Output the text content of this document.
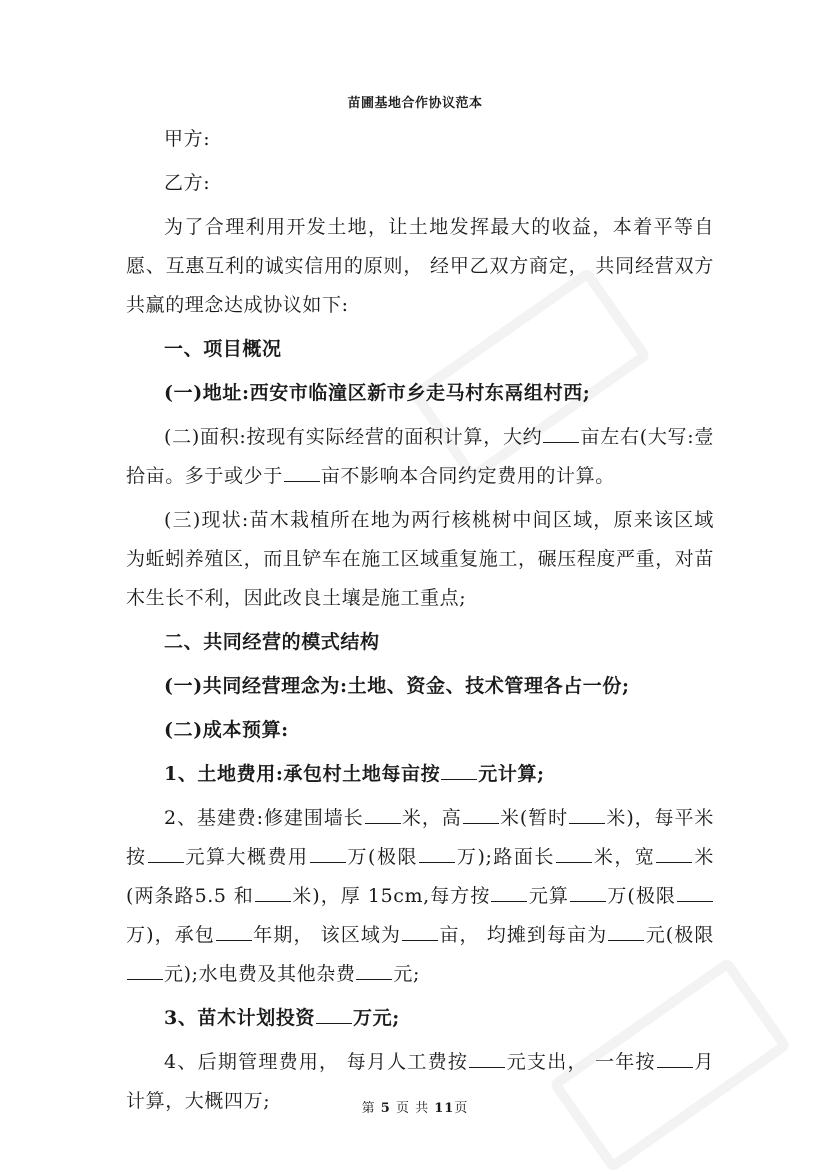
苗圃基地合作协议范本

甲方:

乙方:

为了合理利用开发土地，让土地发挥最大的收益，本着平等自愿、互惠互利的诚实信用的原则， 经甲乙双方商定， 共同经营双方共赢的理念达成协议如下:

一、项目概况

(一)地址:西安市临潼区新市乡走马村东鬲组村西;

(二)面积:按现有实际经营的面积计算，大约 亩左右(大写:壹拾亩。多于或少于 亩不影响本合同约定费用的计算。

(三)现状:苗木栽植所在地为两行核桃树中间区域，原来该区域为蚯蚓养殖区，而且铲车在施工区域重复施工，碾压程度严重，对苗木生长不利，因此改良土壤是施工重点;

二、共同经营的模式结构

(一)共同经营理念为:土地、资金、技术管理各占一份;

(二)成本预算:

1、土地费用:承包村土地每亩按 元计算;

2、基建费:修建围墙长 米，高 米(暂时 米)，每平米按 元算大概费用 万(极限 万);路面长 米，宽 米(两条路5.5 和 米)，厚 15cm,每方按 元算 万(极限万)，承包 年期， 该区域为 亩， 均摊到每亩为 元(极限元);水电费及其他杂费 元;

3、苗木计划投资 万元;

4、后期管理费用， 每月人工费按 元支出， 一年按 月计算，大概四万;	第 5 页 共 11页
